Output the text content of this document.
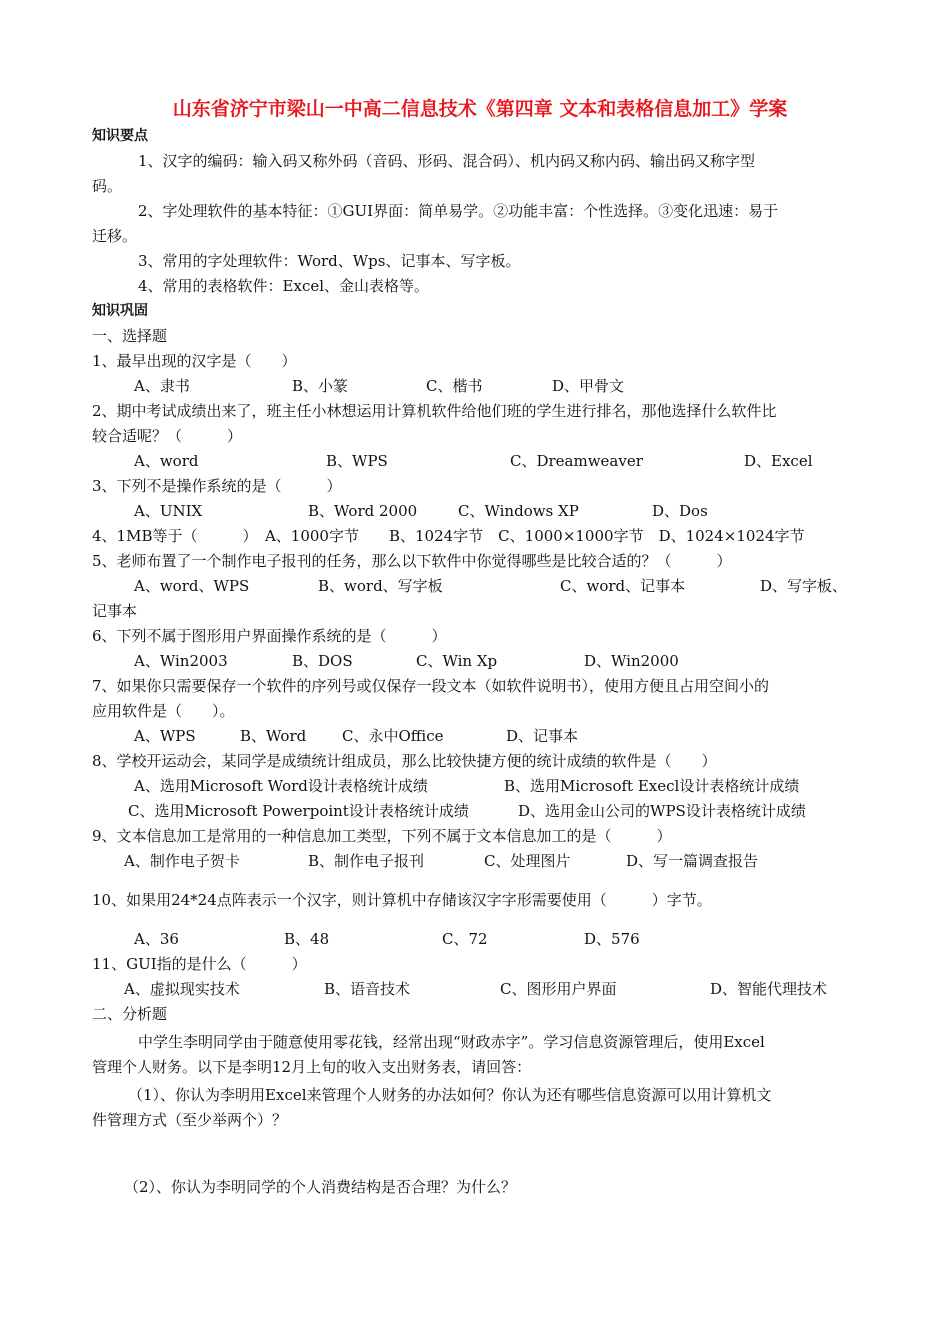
山东省济宁市梁山一中高二信息技术《第四章 文本和表格信息加工》学案
知识要点
1、汉字的编码：输入码又称外码（音码、形码、混合码）、机内码又称内码、输出码又称字型
码。
2、字处理软件的基本特征：①GUI界面：简单易学。②功能丰富：个性选择。③变化迅速：易于
迁移。
3、常用的字处理软件：Word、Wps、记事本、写字板。
4、常用的表格软件：Excel、金山表格等。
知识巩固
一、选择题
1、最早出现的汉字是（　　）
A、隶书	B、小篆	C、楷书	D、甲骨文
2、期中考试成绩出来了，班主任小林想运用计算机软件给他们班的学生进行排名，那他选择什么软件比
较合适呢？（　　　）
A、word	B、WPS	C、Dreamweaver	D、Excel
3、下列不是操作系统的是（　　　）
A、UNIX	B、Word 2000	C、Windows XP	D、Dos
4、1MB等于（　　　）　A、1000字节　　B、1024字节　C、1000×1000字节　D、1024×1024字节
5、老师布置了一个制作电子报刊的任务，那么以下软件中你觉得哪些是比较合适的？（　　　）
A、word、WPS	B、word、写字板	C、word、记事本	D、写字板、
记事本
6、下列不属于图形用户界面操作系统的是（　　　）
A、Win2003	B、DOS	C、Win Xp	D、Win2000
7、如果你只需要保存一个软件的序列号或仅保存一段文本（如软件说明书），使用方便且占用空间小的
应用软件是（　　）。
A、WPS	B、Word	C、永中Office	D、记事本
8、学校开运动会，某同学是成绩统计组成员，那么比较快捷方便的统计成绩的软件是（　　）
A、选用Microsoft Word设计表格统计成绩	B、选用Microsoft Execl设计表格统计成绩
C、选用Microsoft Powerpoint设计表格统计成绩	D、选用金山公司的WPS设计表格统计成绩
9、文本信息加工是常用的一种信息加工类型，下列不属于文本信息加工的是（　　　）
A、制作电子贺卡	B、制作电子报刊	C、处理图片	D、写一篇调查报告
10、如果用24*24点阵表示一个汉字，则计算机中存储该汉字字形需要使用（　　　）字节。
A、36	B、48	C、72	D、576
11、GUI指的是什么（　　　）
A、虚拟现实技术	B、语音技术	C、图形用户界面	D、智能代理技术
二、分析题
中学生李明同学由于随意使用零花钱，经常出现“财政赤字”。学习信息资源管理后，使用Excel
管理个人财务。以下是李明12月上旬的收入支出财务表，请回答：
（1）、你认为李明用Excel来管理个人财务的办法如何？你认为还有哪些信息资源可以用计算机文
件管理方式（至少举两个）？
（2）、你认为李明同学的个人消费结构是否合理？为什么？
